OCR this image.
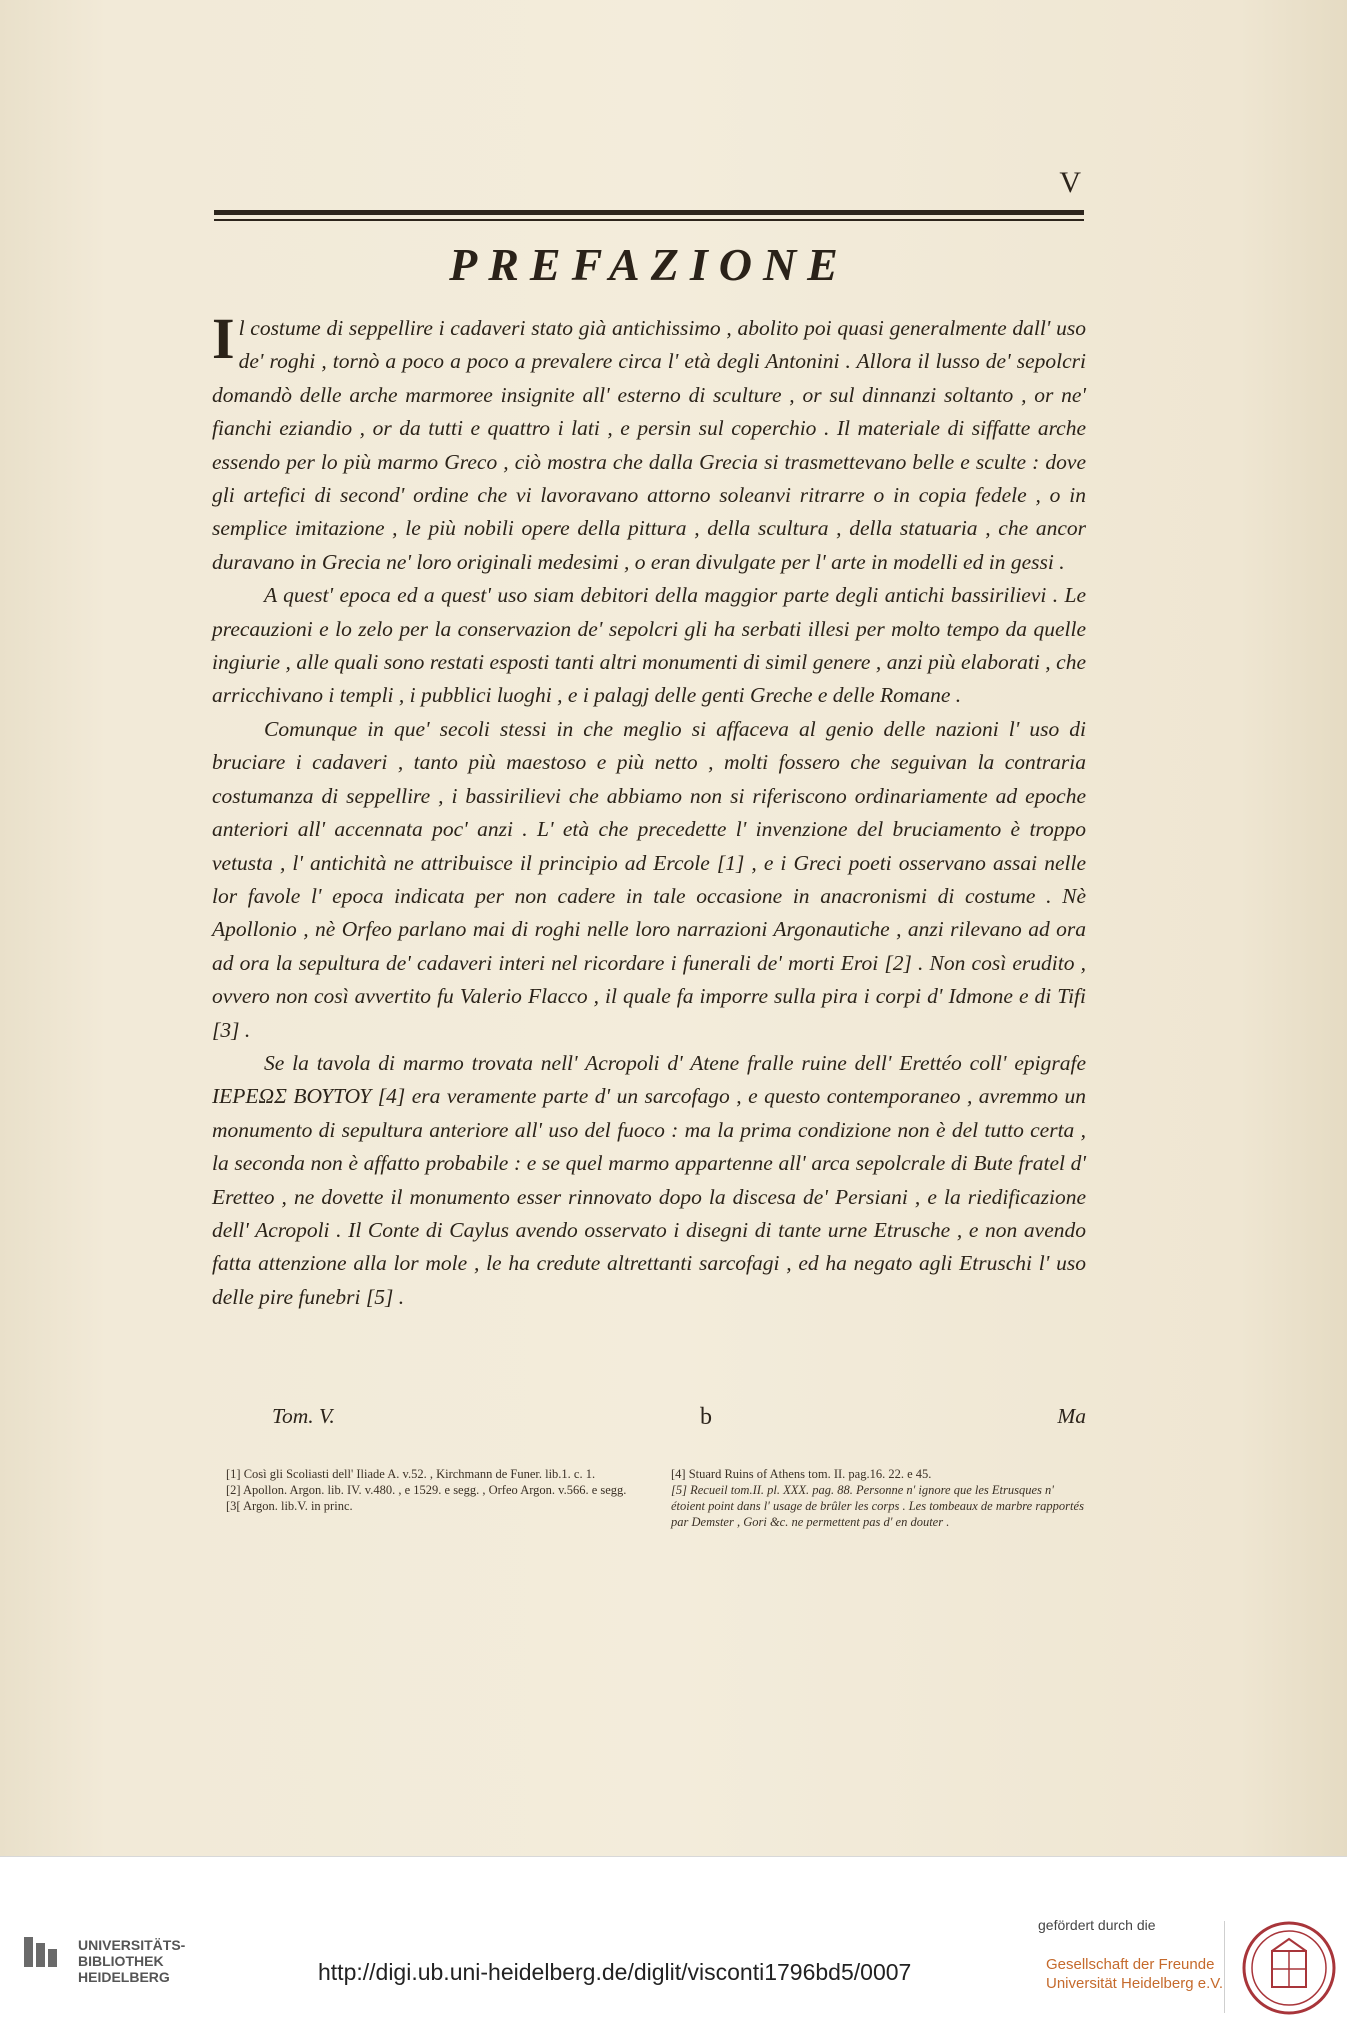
V
PREFAZIONE

Il costume di seppellire i cadaveri stato già antichissimo , abolito poi quasi generalmente dall' uso de' roghi , tornò a poco a poco a prevalere circa l' età degli Antonini . Allora il lusso de' sepolcri domandò delle arche marmoree insignite all' esterno di sculture , or sul dinnanzi soltanto , or ne' fianchi eziandio , or da tutti e quattro i lati , e persin sul coperchio . Il materiale di siffatte arche essendo per lo più marmo Greco , ciò mostra che dalla Grecia si trasmettevano belle e sculte : dove gli artefici di second' ordine che vi lavoravano attorno soleanvi ritrarre o in copia fedele , o in semplice imitazione , le più nobili opere della pittura , della scultura , della statuaria , che ancor duravano in Grecia ne' loro originali medesimi , o eran divulgate per l' arte in modelli ed in gessi .

A quest' epoca ed a quest' uso siam debitori della maggior parte degli antichi bassirilievi . Le precauzioni e lo zelo per la conservazion de' sepolcri gli ha serbati illesi per molto tempo da quelle ingiurie , alle quali sono restati esposti tanti altri monumenti di simil genere , anzi più elaborati , che arricchivano i templi , i pubblici luoghi , e i palagj delle genti Greche e delle Romane .

Comunque in que' secoli stessi in che meglio si affaceva al genio delle nazioni l' uso di bruciare i cadaveri , tanto più maestoso e più netto , molti fossero che seguivan la contraria costumanza di seppellire , i bassirilievi che abbiamo non si riferiscono ordinariamente ad epoche anteriori all' accennata poc' anzi . L' età che precedette l' invenzione del bruciamento è troppo vetusta , l' antichità ne attribuisce il principio ad Ercole [1] , e i Greci poeti osservano assai nelle lor favole l' epoca indicata per non cadere in tale occasione in anacronismi di costume . Nè Apollonio , nè Orfeo parlano mai di roghi nelle loro narrazioni Argonautiche , anzi rilevano ad ora ad ora la sepultura de' cadaveri interi nel ricordare i funerali de' morti Eroi [2] . Non così erudito , ovvero non così avvertito fu Valerio Flacco , il quale fa imporre sulla pira i corpi d' Idmone e di Tifi [3] .

Se la tavola di marmo trovata nell' Acropoli d' Atene fralle ruine dell' Erettéo coll' epigrafe ΙΕΡΕΩΣ ΒΟΥΤΟΥ [4] era veramente parte d' un sarcofago , e questo contemporaneo , avremmo un monumento di sepultura anteriore all' uso del fuoco : ma la prima condizione non è del tutto certa , la seconda non è affatto probabile : e se quel marmo appartenne all' arca sepolcrale di Bute fratel d' Eretteo , ne dovette il monumento esser rinnovato dopo la discesa de' Persiani , e la riedificazione dell' Acropoli . Il Conte di Caylus avendo osservato i disegni di tante urne Etrusche , e non avendo fatta attenzione alla lor mole , le ha credute altrettanti sarcofagi , ed ha negato agli Etruschi l' uso delle pire funebri [5] .

Tom. V.	b	Ma

[1] Così gli Scoliasti dell' Iliade A. v.52. , Kirchmann de Funer. lib.1. c. 1.

[2] Apollon. Argon. lib. IV. v.480. , e 1529. e segg. , Orfeo Argon. v.566. e segg.

[3[ Argon. lib.V. in princ.

[4] Stuard Ruins of Athens tom. II. pag.16. 22. e 45.

[5] Recueil tom.II. pl. XXX. pag. 88. Personne n' ignore que les Etrusques n' étoient point dans l' usage de brûler les corps . Les tombeaux de marbre rapportés par Demster , Gori &c. ne permettent pas d' en douter .

UNIVERSITÄTS-
BIBLIOTHEK
HEIDELBERG	http://digi.ub.uni-heidelberg.de/diglit/visconti1796bd5/0007
gefördert durch die
Gesellschaft der Freunde
Universität Heidelberg e.V.
